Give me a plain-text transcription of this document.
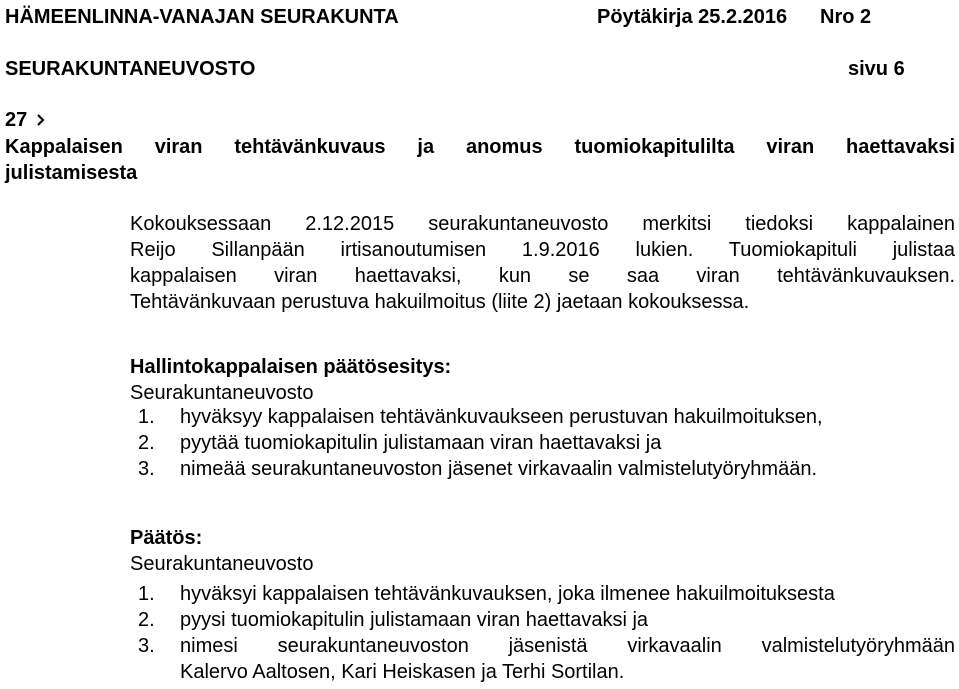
HÄMEENLINNA-VANAJAN SEURAKUNTA	Pöytäkirja 25.2.2016 Nro 2
SEURAKUNTANEUVOSTO	sivu 6
27
Kappalaisen viran tehtävänkuvaus ja anomus tuomiokapitulilta viran haettavaksi
julistamisesta
Kokouksessaan 2.12.2015 seurakuntaneuvosto merkitsi tiedoksi kappalainen
Reijo Sillanpään irtisanoutumisen 1.9.2016 lukien. Tuomiokapituli julistaa
kappalaisen viran haettavaksi, kun se saa viran tehtävänkuvauksen.
Tehtävänkuvaan perustuva hakuilmoitus (liite 2) jaetaan kokouksessa.
Hallintokappalaisen päätösesitys:
Seurakuntaneuvosto
1. hyväksyy kappalaisen tehtävänkuvaukseen perustuvan hakuilmoituksen,
2. pyytää tuomiokapitulin julistamaan viran haettavaksi ja
3. nimeää seurakuntaneuvoston jäsenet virkavaalin valmistelutyöryhmään.
Päätös:
Seurakuntaneuvosto
1. hyväksyi kappalaisen tehtävänkuvauksen, joka ilmenee hakuilmoituksesta
2. pyysi tuomiokapitulin julistamaan viran haettavaksi ja
3. nimesi seurakuntaneuvoston jäsenistä virkavaalin valmistelutyöryhmään
Kalervo Aaltosen, Kari Heiskasen ja Terhi Sortilan.
